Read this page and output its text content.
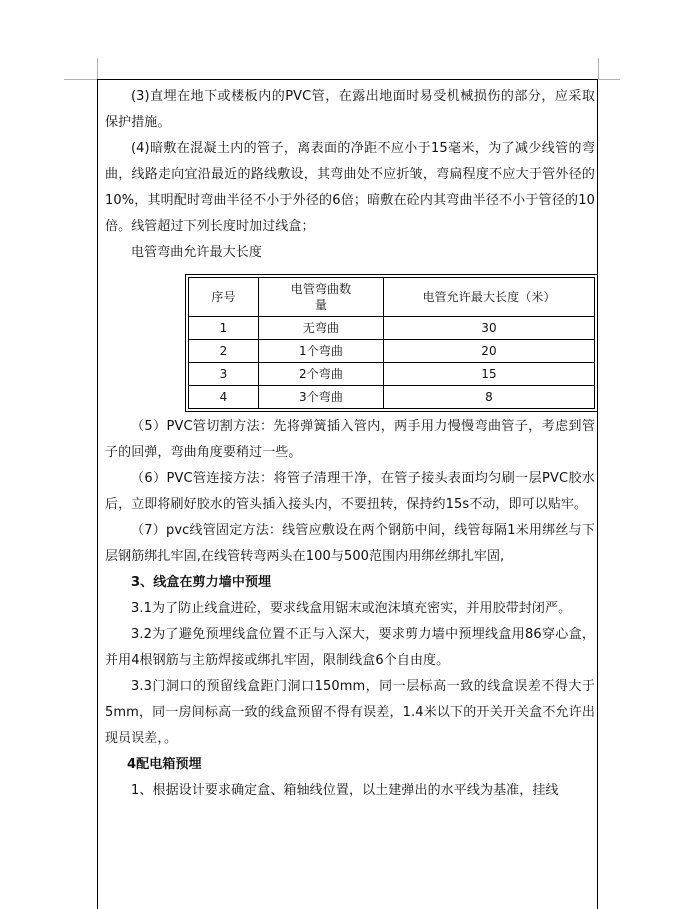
(3)直埋在地下或楼板内的PVC管，在露出地面时易受机械损伤的部分，应采取保护措施。

(4)暗敷在混凝土内的管子，离表面的净距不应小于15毫米，为了减少线管的弯曲，线路走向宜沿最近的路线敷设，其弯曲处不应折皱，弯扁程度不应大于管外径的10%，其明配时弯曲半径不小于外径的6倍；暗敷在砼内其弯曲半径不小于管径的10倍。线管超过下列长度时加过线盒；

电管弯曲允许最大长度

序号	电管弯曲数量	电管允许最大长度（米）
1	无弯曲	30
2	1个弯曲	20
3	2个弯曲	15
4	3个弯曲	8

（5）PVC管切割方法：先将弹簧插入管内，两手用力慢慢弯曲管子，考虑到管子的回弹，弯曲角度要稍过一些。

（6）PVC管连接方法：将管子清理干净，在管子接头表面均匀刷一层PVC胶水后，立即将刷好胶水的管头插入接头内，不要扭转，保持约15s不动，即可以贴牢。

（7）pvc线管固定方法：线管应敷设在两个钢筋中间，线管每隔1米用绑丝与下层钢筋绑扎牢固,在线管转弯两头在100与500范围内用绑丝绑扎牢固,

3、线盒在剪力墙中预埋

3.1为了防止线盒进砼，要求线盒用锯末或泡沫填充密实，并用胶带封闭严。

3.2为了避免预埋线盒位置不正与入深大，要求剪力墙中预埋线盒用86穿心盒，并用4根钢筋与主筋焊接或绑扎牢固，限制线盒6个自由度。

3.3门洞口的预留线盒距门洞口150mm，同一层标高一致的线盒误差不得大于5mm，同一房间标高一致的线盒预留不得有误差，1.4米以下的开关开关盒不允许出现员误差，。

4配电箱预埋

1、根据设计要求确定盒、箱轴线位置，以土建弹出的水平线为基准，挂线
